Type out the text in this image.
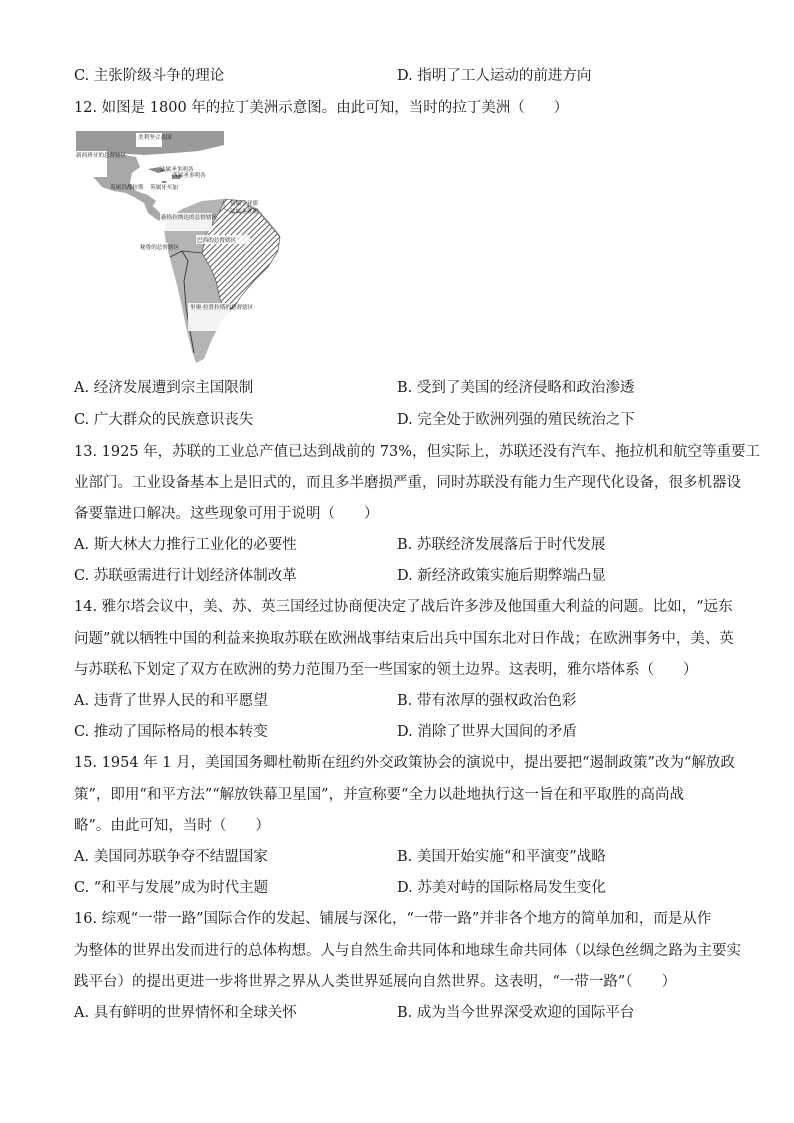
C. 主张阶级斗争的理论	D. 指明了工人运动的前进方向
12. 如图是 1800 年的拉丁美洲示意图。由此可知，当时的拉丁美洲（　　）
美利坚合众国
新西班牙的总督辖区
法属圣多明各
西属圣多明各
英属牙买加
英属洪都拉斯
荷属圭亚那
法属圭亚那
新格拉纳达的总督辖区
巴西的总督辖区
秘鲁的总督辖区
里奥·拉普拉塔的总督辖区
A. 经济发展遭到宗主国限制	B. 受到了美国的经济侵略和政治渗透
C. 广大群众的民族意识丧失	D. 完全处于欧洲列强的殖民统治之下
13. 1925 年，苏联的工业总产值已达到战前的 73%，但实际上，苏联还没有汽车、拖拉机和航空等重要工
业部门。工业设备基本上是旧式的，而且多半磨损严重，同时苏联没有能力生产现代化设备，很多机器设
备要靠进口解决。这些现象可用于说明（　　）
A. 斯大林大力推行工业化的必要性	B. 苏联经济发展落后于时代发展
C. 苏联亟需进行计划经济体制改革	D. 新经济政策实施后期弊端凸显
14. 雅尔塔会议中，美、苏、英三国经过协商便决定了战后许多涉及他国重大利益的问题。比如，“远东
问题”就以牺牲中国的利益来换取苏联在欧洲战事结束后出兵中国东北对日作战；在欧洲事务中，美、英
与苏联私下划定了双方在欧洲的势力范围乃至一些国家的领土边界。这表明，雅尔塔体系（　　）
A. 违背了世界人民的和平愿望	B. 带有浓厚的强权政治色彩
C. 推动了国际格局的根本转变	D. 消除了世界大国间的矛盾
15. 1954 年 1 月，美国国务卿杜勒斯在纽约外交政策协会的演说中，提出要把“遏制政策”改为“解放政
策”，即用“和平方法”“解放铁幕卫星国”，并宣称要“全力以赴地执行这一旨在和平取胜的高尚战
略”。由此可知，当时（　　）
A. 美国同苏联争夺不结盟国家	B. 美国开始实施“和平演变”战略
C. “和平与发展”成为时代主题	D. 苏美对峙的国际格局发生变化
16. 综观“一带一路”国际合作的发起、铺展与深化，“一带一路”并非各个地方的简单加和，而是从作
为整体的世界出发而进行的总体构想。人与自然生命共同体和地球生命共同体（以绿色丝绸之路为主要实
践平台）的提出更进一步将世界之界从人类世界延展向自然世界。这表明，“一带一路”（　　）
A. 具有鲜明的世界情怀和全球关怀	B. 成为当今世界深受欢迎的国际平台
